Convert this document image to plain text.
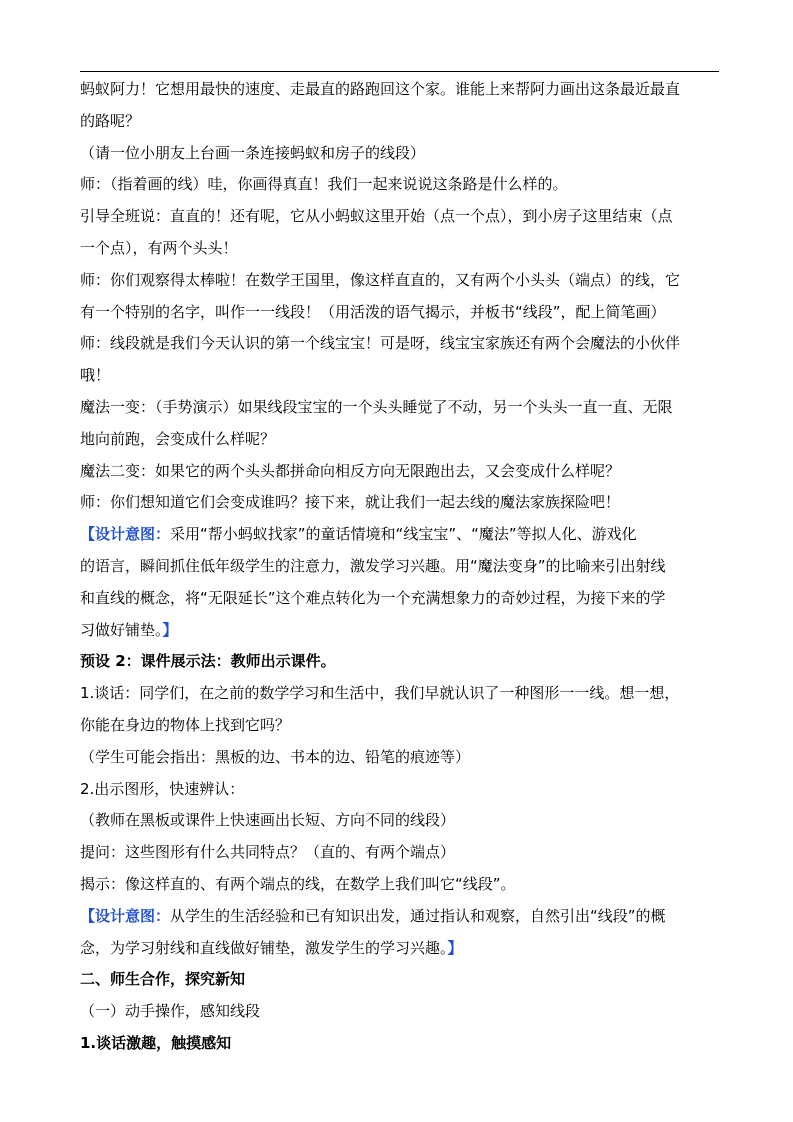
蚂蚁阿力！它想用最快的速度、走最直的路跑回这个家。谁能上来帮阿力画出这条最近最直
的路呢？
（请一位小朋友上台画一条连接蚂蚁和房子的线段）
师：（指着画的线）哇，你画得真直！我们一起来说说这条路是什么样的。
引导全班说：直直的！还有呢，它从小蚂蚁这里开始（点一个点），到小房子这里结束（点
一个点），有两个头头！
师：你们观察得太棒啦！在数学王国里，像这样直直的，又有两个小头头（端点）的线，它
有一个特别的名字，叫作一一线段！（用活泼的语气揭示，并板书“线段”，配上简笔画）
师：线段就是我们今天认识的第一个线宝宝！可是呀，线宝宝家族还有两个会魔法的小伙伴
哦！
魔法一变：（手势演示）如果线段宝宝的一个头头睡觉了不动，另一个头头一直一直、无限
地向前跑，会变成什么样呢？
魔法二变：如果它的两个头头都拼命向相反方向无限跑出去，又会变成什么样呢？
师：你们想知道它们会变成谁吗？接下来，就让我们一起去线的魔法家族探险吧！
【设计意图：采用“帮小蚂蚁找家”的童话情境和“线宝宝”、“魔法”等拟人化、游戏化
的语言，瞬间抓住低年级学生的注意力，激发学习兴趣。用“魔法变身”的比喻来引出射线
和直线的概念，将“无限延长”这个难点转化为一个充满想象力的奇妙过程，为接下来的学
习做好铺垫。】
预设 2：课件展示法：教师出示课件。
1.谈话：同学们，在之前的数学学习和生活中，我们早就认识了一种图形一一线。想一想，
你能在身边的物体上找到它吗？
（学生可能会指出：黑板的边、书本的边、铅笔的痕迹等）
2.出示图形，快速辨认：
（教师在黑板或课件上快速画出长短、方向不同的线段）
提问：这些图形有什么共同特点？（直的、有两个端点）
揭示：像这样直的、有两个端点的线，在数学上我们叫它“线段”。
【设计意图：从学生的生活经验和已有知识出发，通过指认和观察，自然引出“线段”的概
念，为学习射线和直线做好铺垫，激发学生的学习兴趣。】
二、师生合作，探究新知
（一）动手操作，感知线段
1.谈话激趣，触摸感知
